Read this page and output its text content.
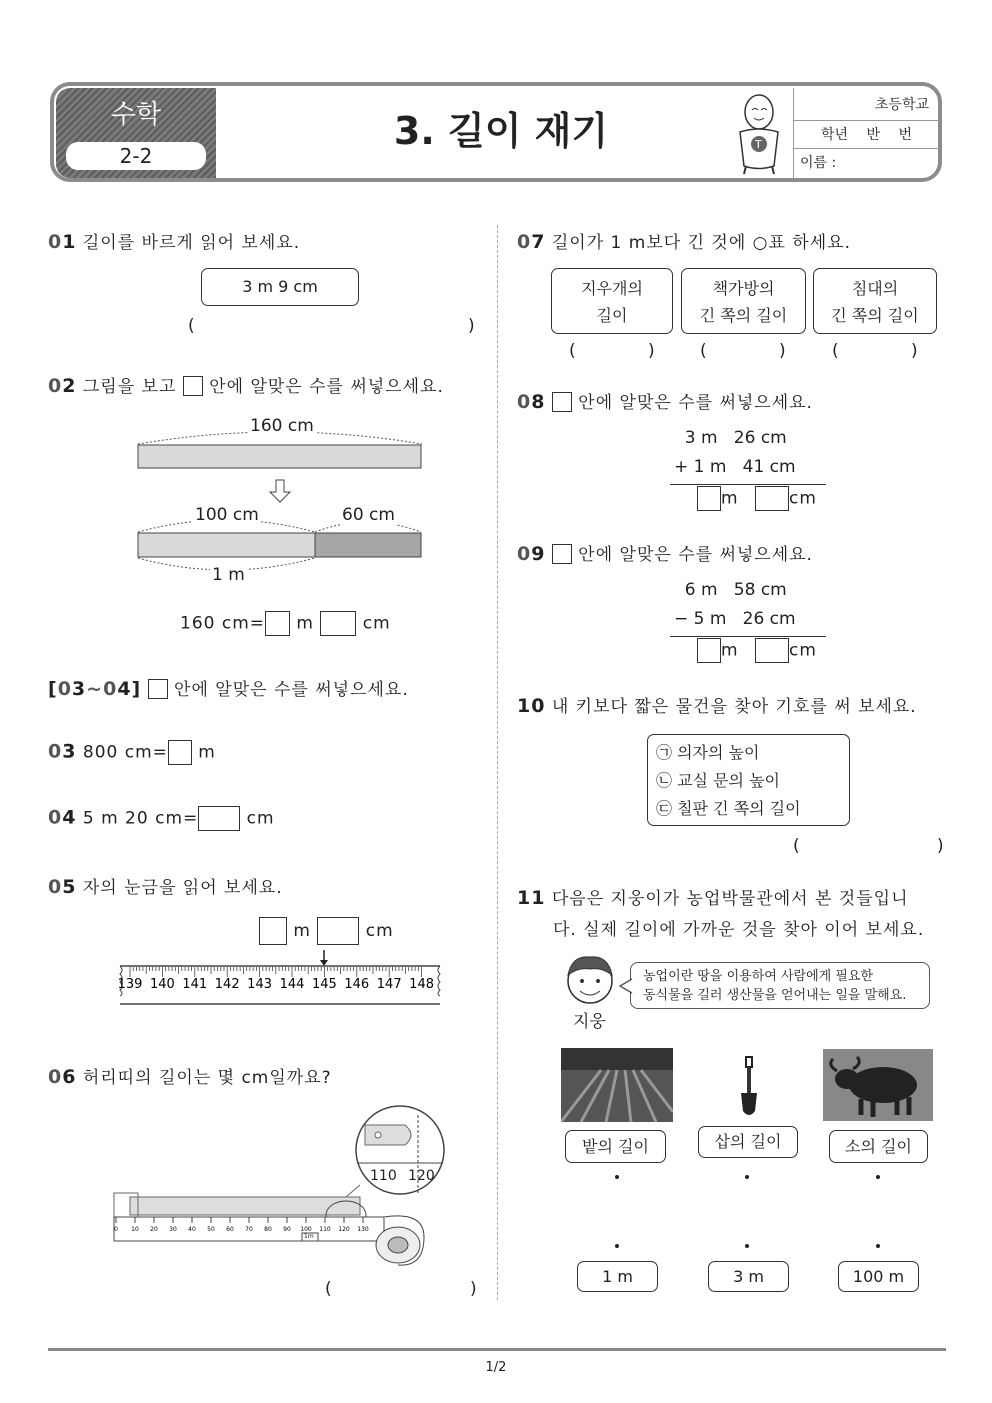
수학
2-2
3. 길이 재기	T
초등학교
학년 반 번
이름 :
01 길이를 바르게 읽어 보세요.
3 m 9 cm
(	)
02 그림을 보고 안에 알맞은 수를 써넣으세요.
160 cm
100 cm	60 cm
1 m
160 cm= m	cm
[03~04] 안에 알맞은 수를 써넣으세요.
03 800 cm= m
04 5 m 20 cm=	cm
05 자의 눈금을 읽어 보세요.
m	cm
139 140 141 142 143 144 145 146 147 148
06 허리띠의 길이는 몇 cm일까요?
0 10 20 30 40 50 60 70 80 90 100 110 120 130
110 120
1m
(	)
07 길이가 1 m보다 긴 것에 ○표 하세요.
지우개의
길이
책가방의
긴 쪽의 길이
침대의
긴 쪽의 길이
(	)	(	)	(	)
08 안에 알맞은 수를 써넣으세요.
3 m   26 cm
+ 1 m   41 cm
m	cm
09 안에 알맞은 수를 써넣으세요.
6 m   58 cm
− 5 m   26 cm
m	cm
10 내 키보다 짧은 물건을 찾아 기호를 써 보세요.
㉠ 의자의 높이
㉡ 교실 문의 높이
㉢ 칠판 긴 쪽의 길이
(	)
11 다음은 지웅이가 농업박물관에서 본 것들입니
다. 실제 길이에 가까운 것을 찾아 이어 보세요.
지웅
농업이란 땅을 이용하여 사람에게 필요한
동식물을 길러 생산물을 얻어내는 일을 말해요.
밭의 길이	삽의 길이	소의 길이
1 m	3 m	100 m
1/2
